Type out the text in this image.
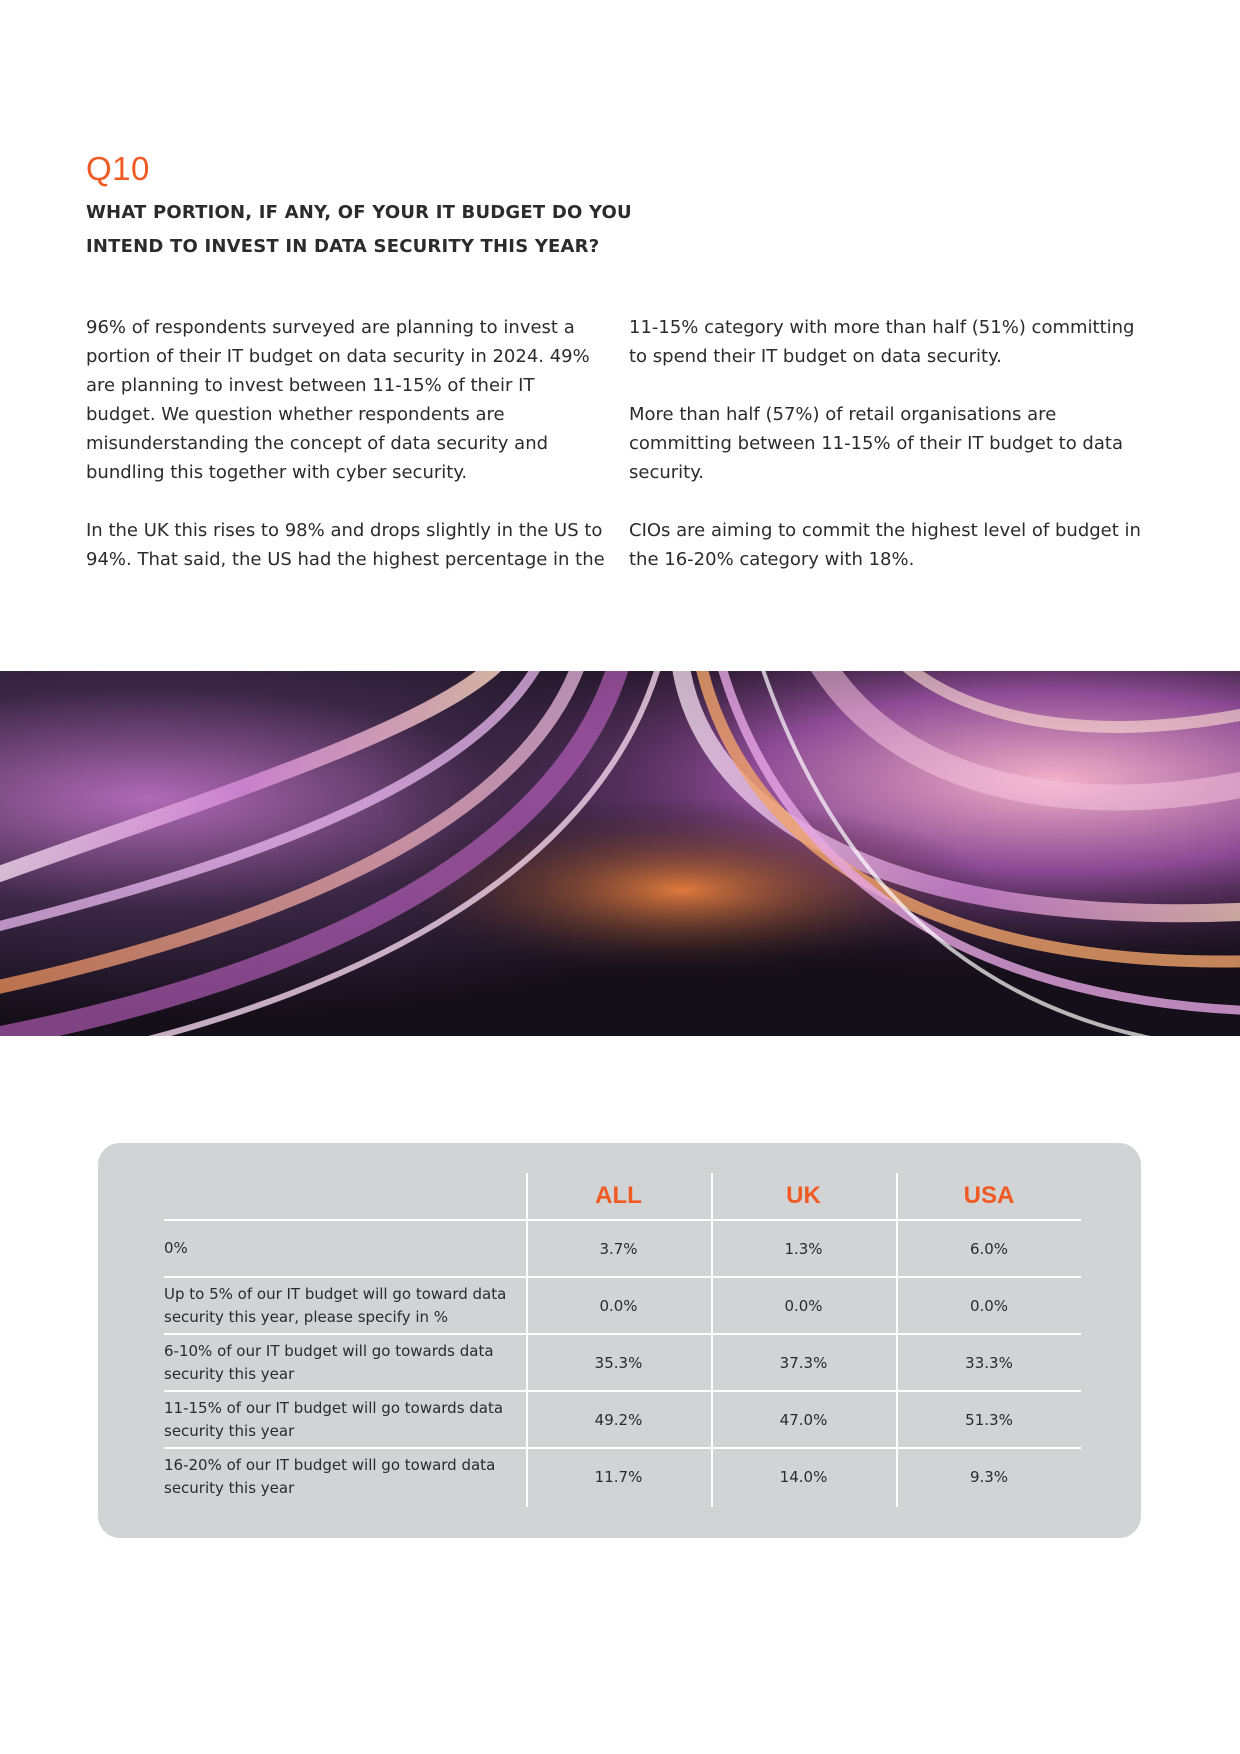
Q10
WHAT PORTION, IF ANY, OF YOUR IT BUDGET DO YOU
INTEND TO INVEST IN DATA SECURITY THIS YEAR?

96% of respondents surveyed are planning to invest a portion of their IT budget on data security in 2024. 49% are planning to invest between 11-15% of their IT budget. We question whether respondents are misunderstanding the concept of data security and bundling this together with cyber security.

In the UK this rises to 98% and drops slightly in the US to 94%. That said, the US had the highest percentage in the

11-15% category with more than half (51%) committing to spend their IT budget on data security.

More than half (57%) of retail organisations are committing between 11-15% of their IT budget to data security.

CIOs are aiming to commit the highest level of budget in the 16-20% category with 18%.

ALL	UK	USA
0%	3.7%	1.3%	6.0%
Up to 5% of our IT budget will go toward data security this year, please specify in %
0.0%	0.0%	0.0%
6-10% of our IT budget will go towards data security this year
35.3%	37.3%	33.3%
11-15% of our IT budget will go towards data security this year
49.2%	47.0%	51.3%
16-20% of our IT budget will go toward data security this year
11.7%	14.0%	9.3%
